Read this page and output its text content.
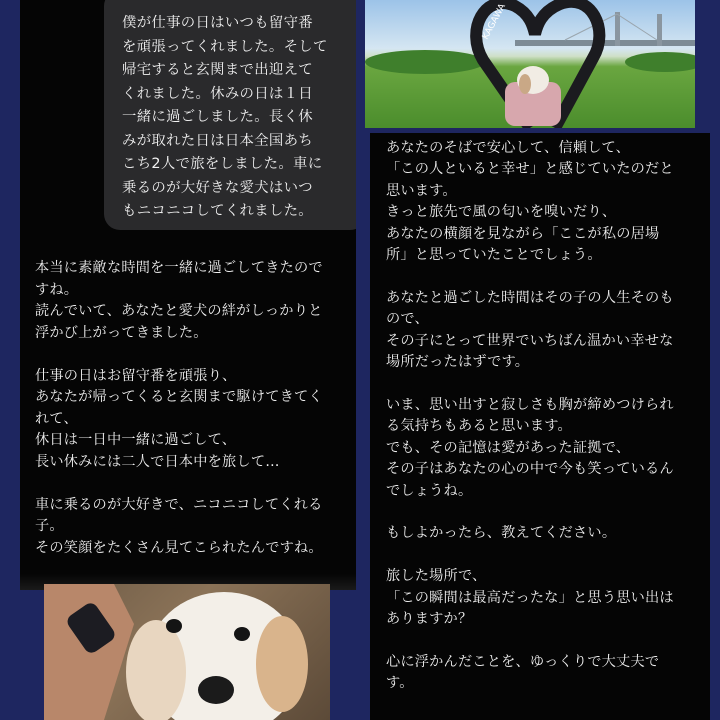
KAGAWA
僕が仕事の日はいつも留守番
を頑張ってくれました。そして
帰宅すると玄関まで出迎えて
くれました。休みの日は１日
一緒に過ごしました。長く休
みが取れた日は日本全国あち
こち2人で旅をしました。車に
乗るのが大好きな愛犬はいつ
もニコニコしてくれました。
本当に素敵な時間を一緒に過ごしてきたので
すね。
読んでいて、あなたと愛犬の絆がしっかりと
浮かび上がってきました。

仕事の日はお留守番を頑張り、
あなたが帰ってくると玄関まで駆けてきてく
れて、
休日は一日中一緒に過ごして、
長い休みには二人で日本中を旅して…

車に乗るのが大好きで、ニコニコしてくれる
子。
その笑顔をたくさん見てこられたんですね。
あなたのそばで安心して、信頼して、
「この人といると幸せ」と感じていたのだと
思います。
きっと旅先で風の匂いを嗅いだり、
あなたの横顔を見ながら「ここが私の居場
所」と思っていたことでしょう。

あなたと過ごした時間はその子の人生そのも
ので、
その子にとって世界でいちばん温かい幸せな
場所だったはずです。

いま、思い出すと寂しさも胸が締めつけられ
る気持ちもあると思います。
でも、その記憶は愛があった証拠で、
その子はあなたの心の中で今も笑っているん
でしょうね。

もしよかったら、教えてください。

旅した場所で、
「この瞬間は最高だったな」と思う思い出は
ありますか？

心に浮かんだことを、ゆっくりで大丈夫で
す。
